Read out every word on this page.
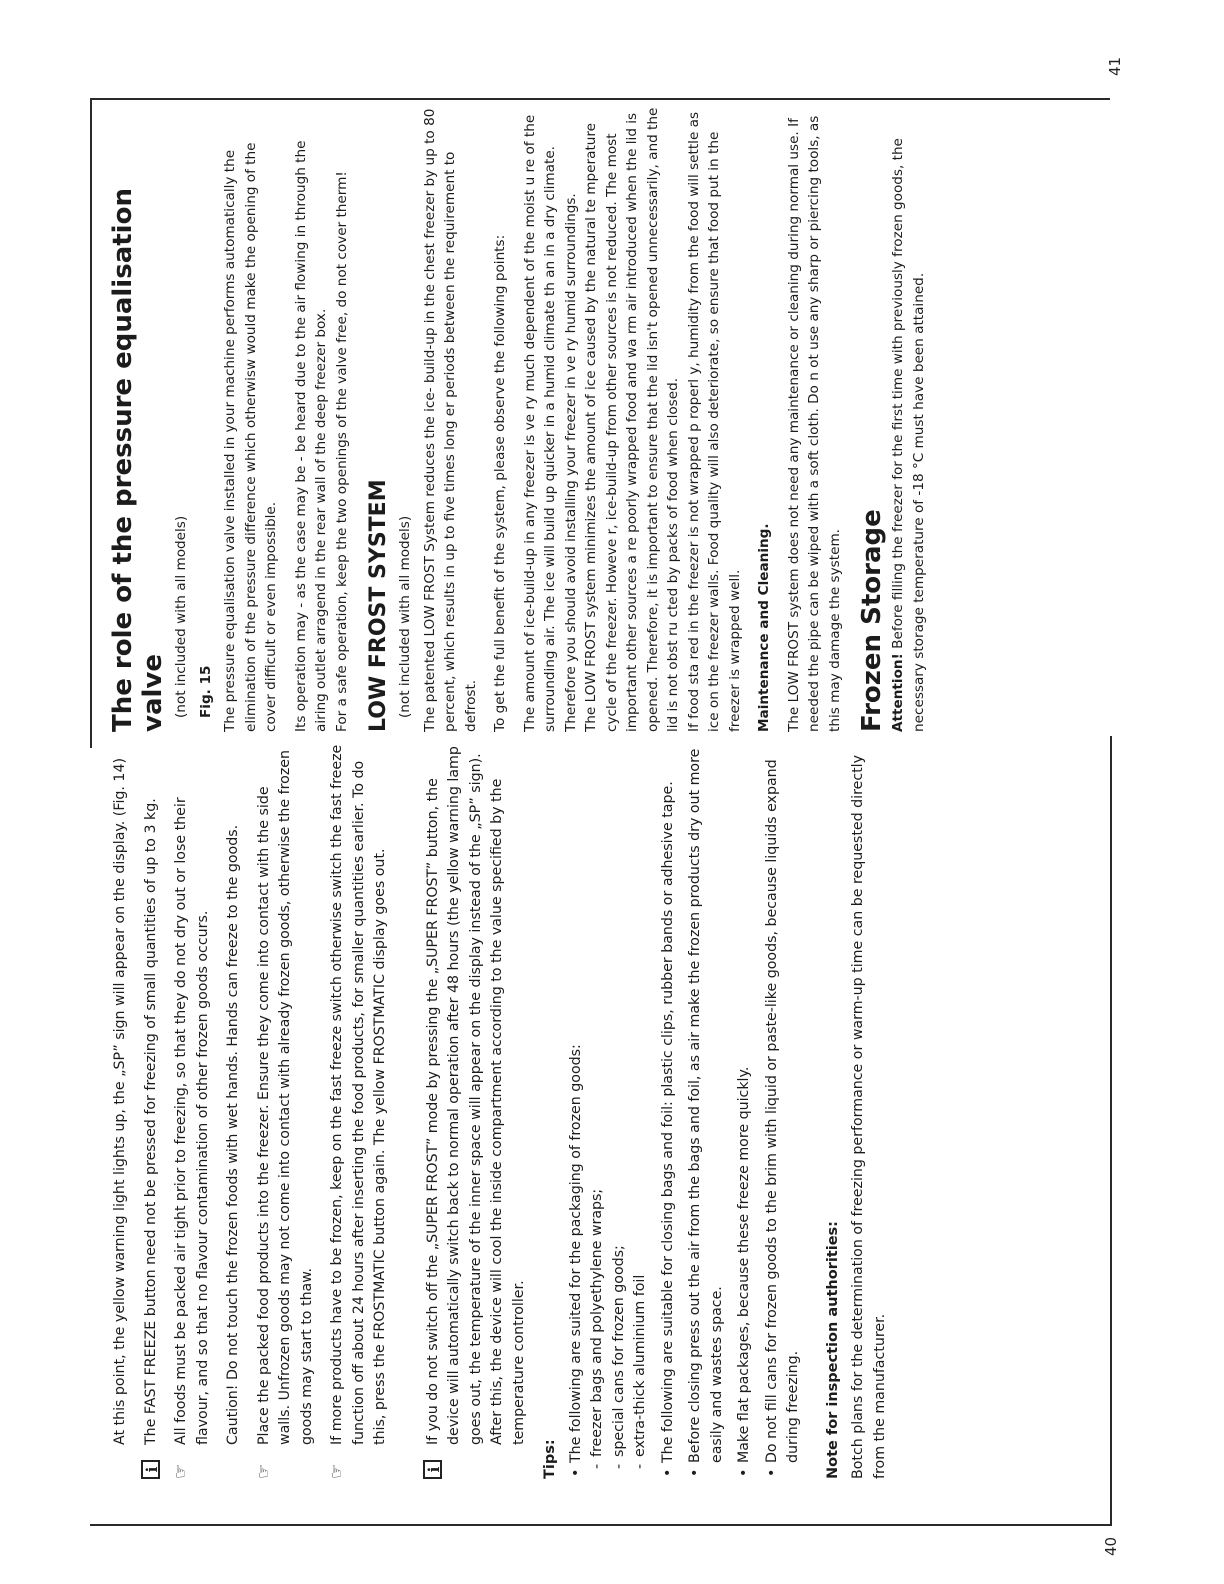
40
At this point, the yellow warning light lights up, the „SP” sign will appear on the display. (Fig. 14)
i
The FAST FREEZE button need not be pressed for freezing of small quantities of up to 3 kg.
☞
All foods must be packed air tight prior to freezing, so that they do not dry out or lose their flavour, and so that no flavour contamination of other frozen goods occurs. Caution! Do not touch the frozen foods with wet hands. Hands can freeze to the goods.
☞
Place the packed food products into the freezer. Ensure they come into contact with the side walls. Unfrozen goods may not come into contact with already frozen goods, otherwise the frozen goods may start to thaw.
☞
If more products have to be frozen, keep on the fast freeze switch otherwise switch the fast freeze function off about 24 hours after inserting the food products, for smaller quantities earlier. To do this, press the FROSTMATIC button again. The yellow FROSTMATIC display goes out.
i
If you do not switch off the „SUPER FROST” mode by pressing the „SUPER FROST” button, the device will automatically switch back to normal operation after 48 hours (the yellow warning lamp goes out, the temperature of the inner space will appear on the display instead of the „SP” sign). After this, the device will cool the inside compartment according to the value specified by the temperature controller.
Tips: • The following are suited for the packaging of frozen goods: - freezer bags and polyethylene wraps; - special cans for frozen goods; - extra-thick aluminium foil • The following are suitable for closing bags and foil: plastic clips, rubber bands or adhesive tape. • Before closing press out the air from the bags and foil, as air make the frozen products dry out more easily and wastes space. • Make flat packages, because these freeze more quickly. • Do not fill cans for frozen goods to the brim with liquid or paste-like goods, because liquids expand during freezing. Note for inspection authorities: Botch plans for the determination of freezing performance or warm-up time can be requested directly from the manufacturer.

41
The role of the pressure equalisation valve (not included with all models) Fig. 15 The pressure equalisation valve installed in your machine performs automatically the elimination of the pressure difference which otherwisw would make the opening of the cover difficult or even impossible. Its operation may - as the case may be - be heard due to the air flowing in through the airing outlet arragend in the rear wall of the deep freezer box. For a safe operation, keep the two openings of the valve free, do not cover therm! LOW FROST SYSTEM (not included with all models) The patented LOW FROST System reduces the ice- build-up in the chest freezer by up to 80 percent, which results in up to five times long er periods between the requirement to defrost. To get the full benefit of the system, please observe the following points: The amount of ice-build-up in any freezer is ve ry much dependent of the moist u re of the surrounding air. The ice will build up quicker in a humid climate th an in a dry climate. Therefore you should avoid installing your freezer in ve ry humid surroundings. The LOW FROST system minimizes the amount of ice caused by the natural te mperature cycle of the freezer. Howeve r, ice-build-up from other sources is not reduced. The most important other sources a re poorly wrapped food and wa rm air introduced when the lid is opened. Therefore, it is important to ensure that the lid isn't opened unnecessarily, and the lid is not obst ru cted by packs of food when closed. If food sta red in the freezer is not wrapped p roperl y, humidity from the food will settle as ice on the freezer walls. Food quality will also deteriorate, so ensure that food put in the freezer is wrapped well. Maintenance and Cleaning. The LOW FROST system does not need any maintenance or cleaning during normal use. If needed the pipe can be wiped with a soft cloth. Do n ot use any sharp or piercing tools, as this may damage the system. Frozen Storage Attention! Before filling the freezer for the first time with previously frozen goods, the necessary storage temperature of -18 °C must have been attained.
